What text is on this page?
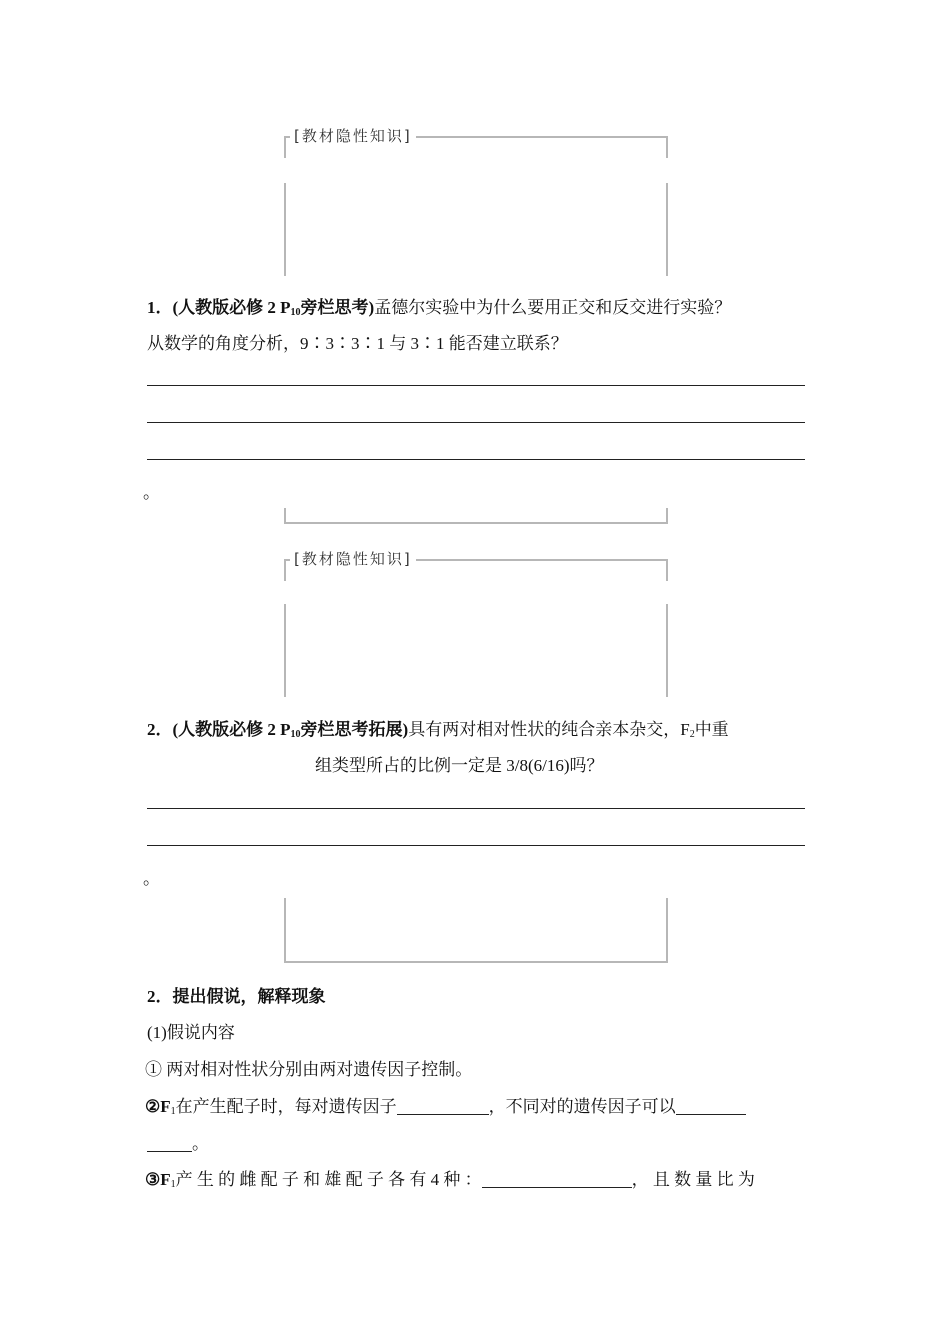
[教材隐性知识]
1．(人教版必修 2 $P_{10}$旁栏思考)孟德尔实验中为什么要用正交和反交进行实验？
从数学的角度分析，9∶3∶3∶1 与 3∶1 能否建立联系？
。
[教材隐性知识]
2．(人教版必修 2 $P_{10}$旁栏思考拓展)具有两对相对性状的纯合亲本杂交，$F_2$中重
组类型所占的比例一定是 3/8(6/16)吗？
。
2．提出假说，解释现象
(1)假说内容
① 两对相对性状分别由两对遗传因子控制。
$②F_1$在产生配子时，每对遗传因子	，不同对的遗传因子可以
。
$③F_1$产 生 的 雌 配 子 和 雄 配 子 各 有 4 种 ：	， 且 数 量 比 为
